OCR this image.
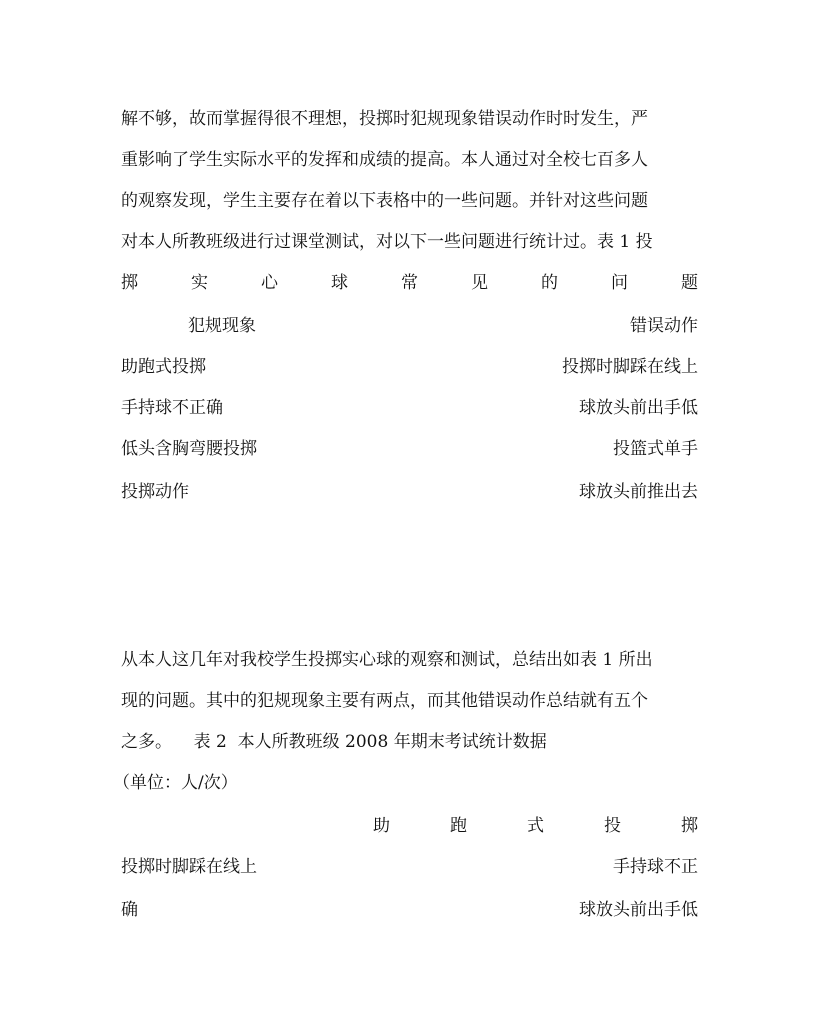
解不够，故而掌握得很不理想，投掷时犯规现象错误动作时时发生，严
重影响了学生实际水平的发挥和成绩的提高。本人通过对全校七百多人
的观察发现，学生主要存在着以下表格中的一些问题。并针对这些问题
对本人所教班级进行过课堂测试，对以下一些问题进行统计过。表 1 投
掷	实	心	球	常	见	的	问	题
犯规现象	错误动作
助跑式投掷	投掷时脚踩在线上
手持球不正确	球放头前出手低
低头含胸弯腰投掷	投篮式单手
投掷动作	球放头前推出去
从本人这几年对我校学生投掷实心球的观察和测试，总结出如表 1 所出
现的问题。其中的犯规现象主要有两点，而其他错误动作总结就有五个
之多。    表 2  本人所教班级 2008 年期末考试统计数据
（单位：人/次）
助	跑	式	投	掷
投掷时脚踩在线上	手持球不正
确	球放头前出手低
